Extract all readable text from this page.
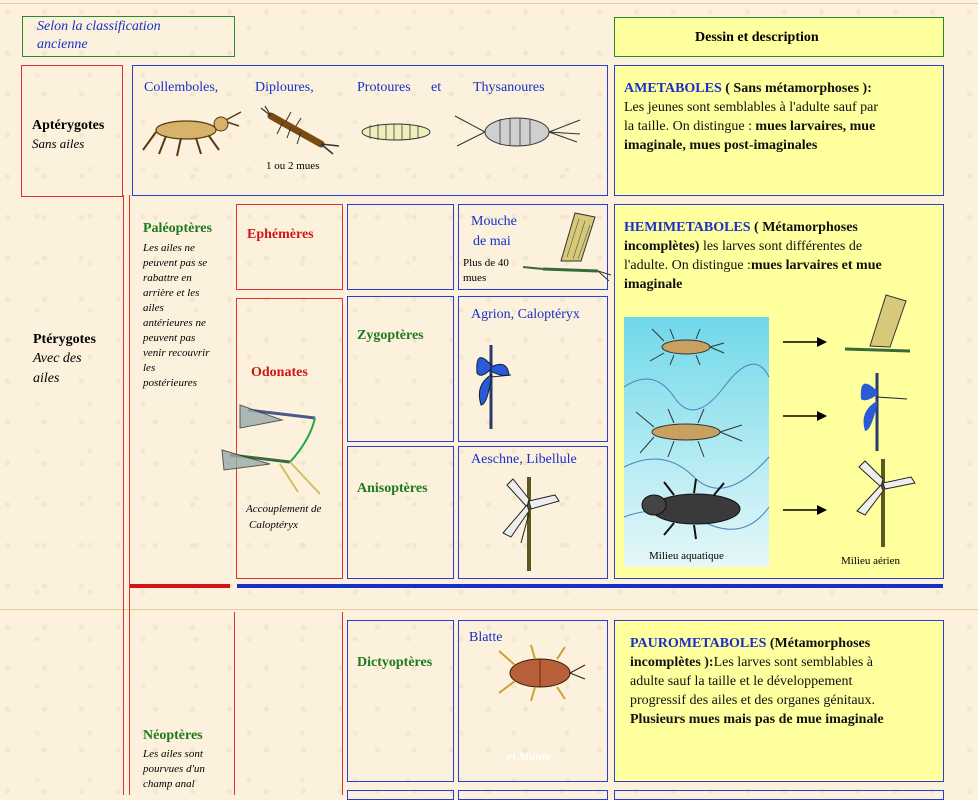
Selon la classification ancienne	Dessin et description
Aptérygotes
Sans ailes
Collemboles,	Diploures,	Protoures et Thysanoures
1 ou 2 mues
AMETABOLES ( Sans métamorphoses ):
Les jeunes sont semblables à l'adulte sauf par
la taille. On distingue : mues larvaires, mue
imaginale, mues post-imaginales
Ptérygotes
Avec des
ailes
Paléoptères
Les ailes ne
peuvent pas se
rabattre en
arrière et les
ailes
antérieures ne
peuvent pas
venir recouvrir
les
postérieures
Ephémères
Mouche
de mai
Plus de 40
mues
Odonates
Accouplement de
Caloptéryx
Zygoptères
Agrion, Caloptéryx
Anisoptères
Aeschne, Libellule
HEMIMETABOLES ( Métamorphoses
incomplètes) les larves sont différentes de
l'adulte. On distingue :mues larvaires et mue
imaginale
Milieu aquatique	Milieu aérien
Néoptères
Les ailes sont
pourvues d'un
champ anal
Dictyoptères
Blatte
et Mante
PAUROMETABOLES (Métamorphoses
incomplètes ):Les larves sont semblables à
adulte sauf la taille et le développement
progressif des ailes et des organes génitaux.
Plusieurs mues mais pas de mue imaginale
